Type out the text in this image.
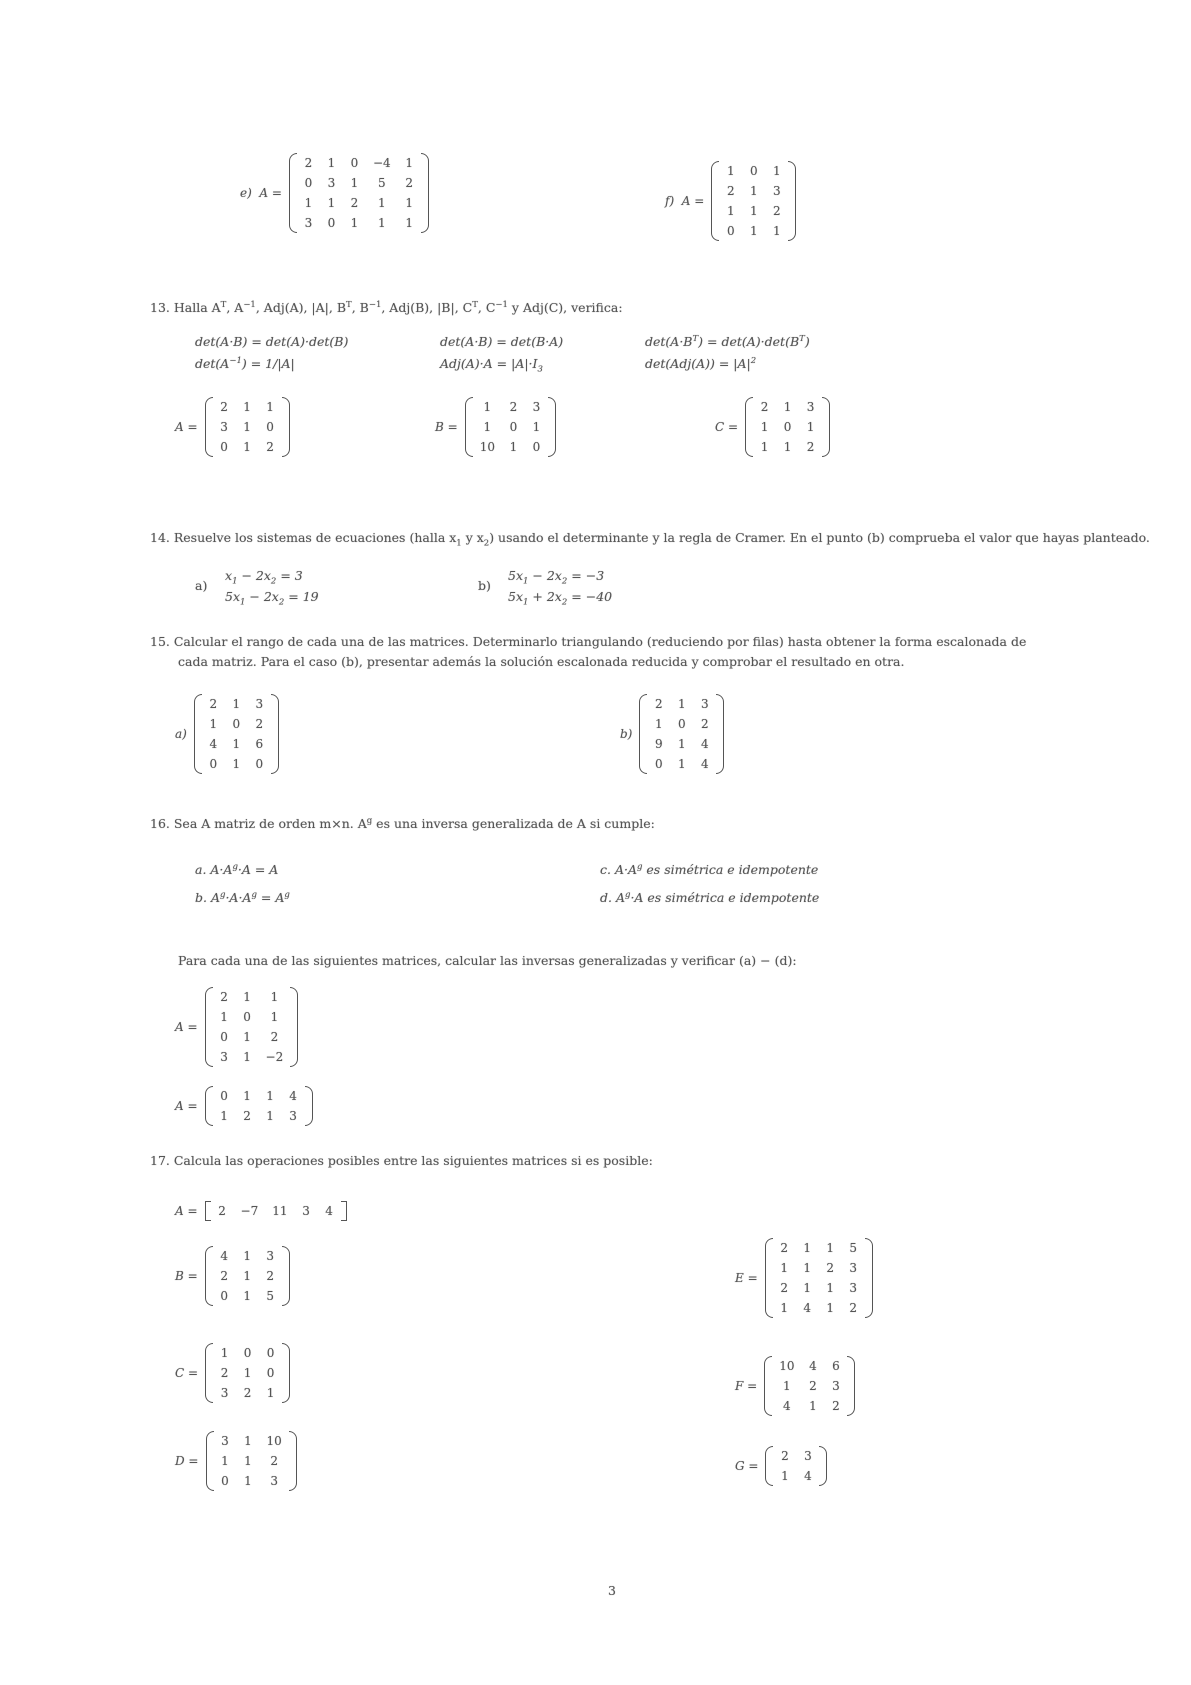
13. Halla $A^T$, $A^{-1}$, Adj(A), |A|, $B^T$, $B^{-1}$, Adj(B), |B|, $C^T$, $C^{-1}$ y Adj(C), verifica:
det(A·B) = det(A)·det(B)	det(A·B) = det(B·A)	$\det(A\cdot B^T) = \det(A)\cdot\det(B^T)$
$\det(A^{-1}) = 1/|A|$	$Adj(A)\cdot A = |A|\cdot I_3$	$\det(Adj(A)) = |A|^2$
14. Resuelve los sistemas de ecuaciones (halla $x_1$ y $x_2$) usando el determinante y la regla de Cramer. En el punto (b) comprueba el valor que hayas planteado.
a)
$x_1 - 2x_2 = 3$
$5x_1 - 2x_2 = 19$
b)
$5x_1 - 2x_2 = -3$
$5x_1 + 2x_2 = -40$
15. Calcular el rango de cada una de las matrices. Determinarlo triangulando (reduciendo por filas) hasta obtener la forma escalonada de
cada matriz. Para el caso (b), presentar además la solución escalonada reducida y comprobar el resultado en otra.
16. Sea A matriz de orden m×n. $A^g$ es una inversa generalizada de A si cumple:
a. $A\cdot A^g\cdot A = A$
b. $A^g\cdot A\cdot A^g = A^g$
c. $A\cdot A^g$ es simétrica e idempotente
d. $A^g\cdot A$ es simétrica e idempotente
Para cada una de las siguientes matrices, calcular las inversas generalizadas y verificar (a) − (d):
17. Calcula las operaciones posibles entre las siguientes matrices si es posible:
3
e)  A =
2 1 0 −4 1
0 3 1	5	2
1 1 2	1	1
3 0 1	1	1
f)  A =
1 0 1
2 1 3
1 1 2
0 1 1
A =
2 1 1
3 1 0
0 1 2
B =
1	2 3
1	0 1
10 1 0
C =
2 1 3
1 0 1
1 1 2
a)
2 1 3
1 0 2
4 1 6
0 1 0
b)
2 1 3
1 0 2
9 1 4
0 1 4
A =
2 1	1
1 0	1
0 1	2
3 1 −2
A =
0 1 1 4
1 2 1 3
A = 2 −7 11 3 4
B =
4 1 3
2 1 2
0 1 5
E =
2 1 1 5
1 1 2 3
2 1 1 3
1 4 1 2
C =
1 0 0
2 1 0
3 2 1	F =
10 4 6
1	2 3
4	1 2
D =
3 1 10
1 1	2
0 1	3
G =
2 3
1 4
